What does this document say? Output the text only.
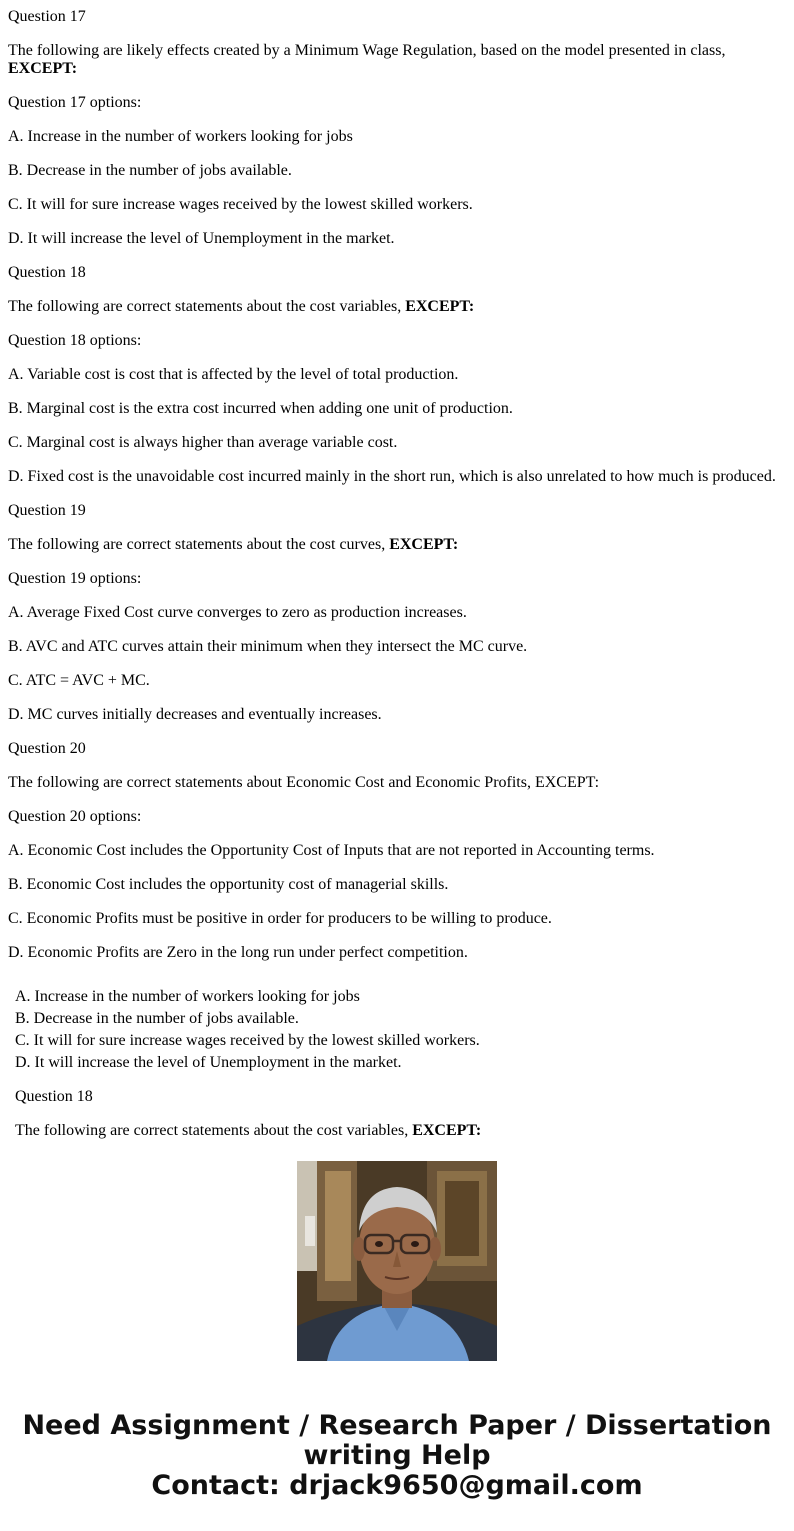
Question 17

The following are likely effects created by a Minimum Wage Regulation, based on the model presented in class, EXCEPT:

Question 17 options:

A. Increase in the number of workers looking for jobs

B. Decrease in the number of jobs available.

C. It will for sure increase wages received by the lowest skilled workers.

D. It will increase the level of Unemployment in the market.

Question 18

The following are correct statements about the cost variables, EXCEPT:

Question 18 options:

A. Variable cost is cost that is affected by the level of total production.

B. Marginal cost is the extra cost incurred when adding one unit of production.

C. Marginal cost is always higher than average variable cost.

D. Fixed cost is the unavoidable cost incurred mainly in the short run, which is also unrelated to how much is produced.

Question 19

The following are correct statements about the cost curves, EXCEPT:

Question 19 options:

A. Average Fixed Cost curve converges to zero as production increases.

B. AVC and ATC curves attain their minimum when they intersect the MC curve.

C. ATC = AVC + MC.

D. MC curves initially decreases and eventually increases.

Question 20

The following are correct statements about Economic Cost and Economic Profits, EXCEPT:

Question 20 options:

A. Economic Cost includes the Opportunity Cost of Inputs that are not reported in Accounting terms.

B. Economic Cost includes the opportunity cost of managerial skills.

C. Economic Profits must be positive in order for producers to be willing to produce.

D. Economic Profits are Zero in the long run under perfect competition.

A. Increase in the number of workers looking for jobs
B. Decrease in the number of jobs available.
C. It will for sure increase wages received by the lowest skilled workers.
D. It will increase the level of Unemployment in the market.
Question 18
The following are correct statements about the cost variables, EXCEPT:
Need Assignment / Research Paper / Dissertation
writing Help
Contact: drjack9650@gmail.com
